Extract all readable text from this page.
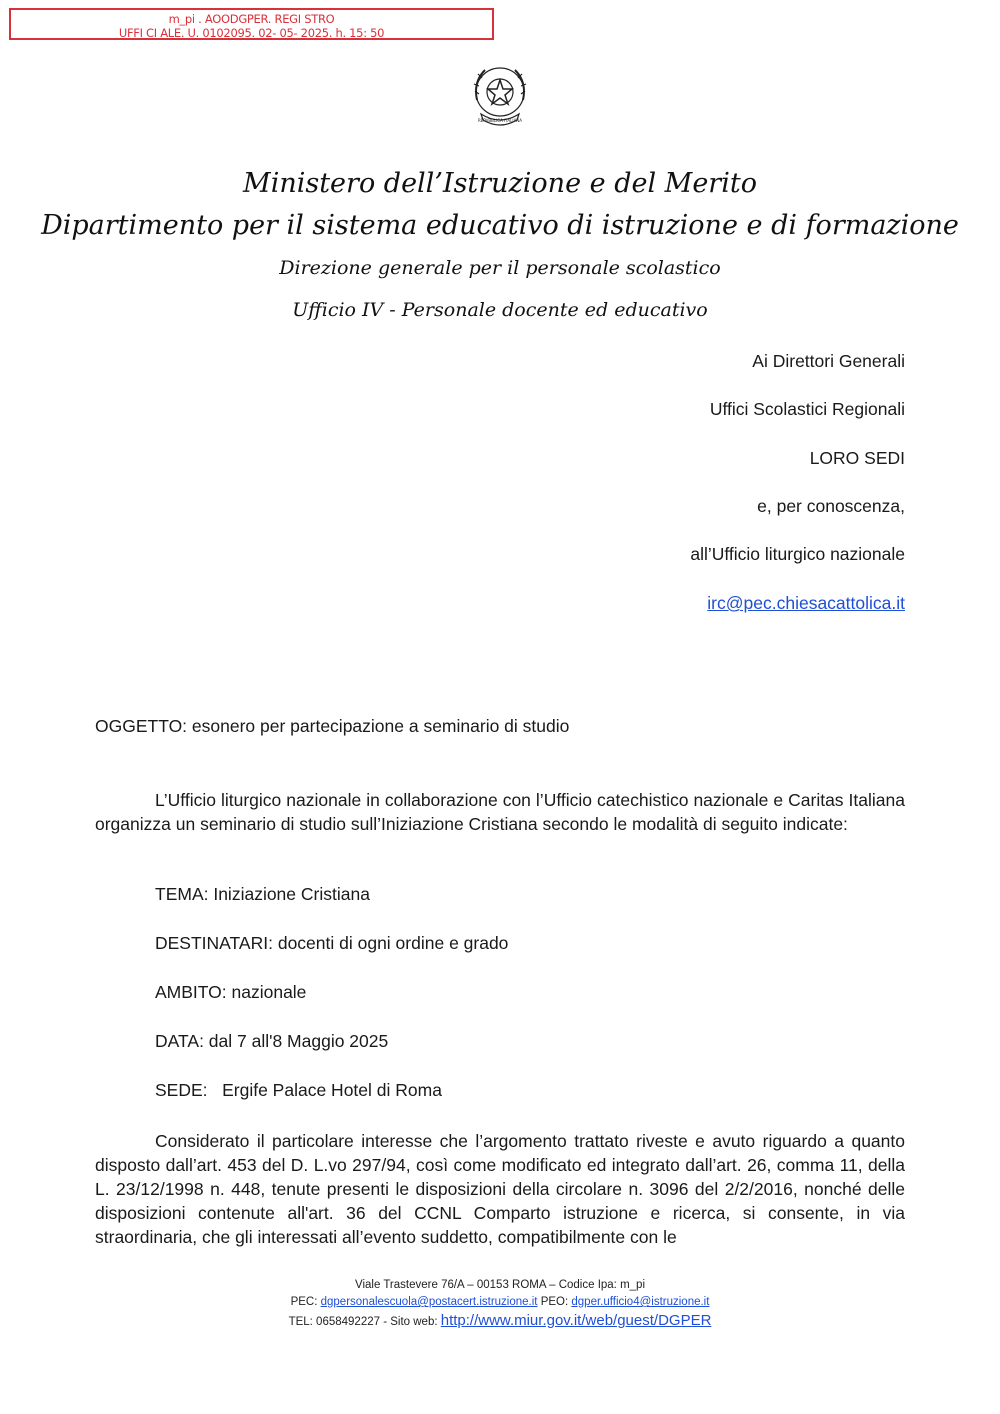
m_pi . AOODGPER. REGI STRO
UFFI CI ALE. U. 0102095. 02- 05- 2025. h. 15: 50
REPVBBLICA ITALIANA
Ministero dell’Istruzione e del Merito
Dipartimento per il sistema educativo di istruzione e di formazione
Direzione generale per il personale scolastico
Ufficio IV - Personale docente ed educativo
Ai Direttori Generali
Uffici Scolastici Regionali
LORO SEDI
e, per conoscenza,
all’Ufficio liturgico nazionale
irc@pec.chiesacattolica.it
OGGETTO: esonero per partecipazione a seminario di studio
L’Ufficio liturgico nazionale in collaborazione con l’Ufficio catechistico nazionale e Caritas Italiana organizza un seminario di studio sull’Iniziazione Cristiana secondo le modalità di seguito indicate:
TEMA: Iniziazione Cristiana
DESTINATARI: docenti di ogni ordine e grado
AMBITO: nazionale
DATA: dal 7 all'8 Maggio 2025
SEDE:   Ergife Palace Hotel di Roma
Considerato il particolare interesse che l’argomento trattato riveste e avuto riguardo a quanto disposto dall’art. 453 del D. L.vo 297/94, così come modificato ed integrato dall’art. 26, comma 11, della L. 23/12/1998 n. 448, tenute presenti le disposizioni della circolare n. 3096 del 2/2/2016, nonché delle disposizioni contenute all'art. 36 del CCNL Comparto istruzione e ricerca, si consente, in via straordinaria, che gli interessati all’evento suddetto, compatibilmente con le
Viale Trastevere 76/A – 00153 ROMA – Codice Ipa: m_pi
PEC: dgpersonalescuola@postacert.istruzione.it PEO: dgper.ufficio4@istruzione.it
TEL: 0658492227 - Sito web: http://www.miur.gov.it/web/guest/DGPER
